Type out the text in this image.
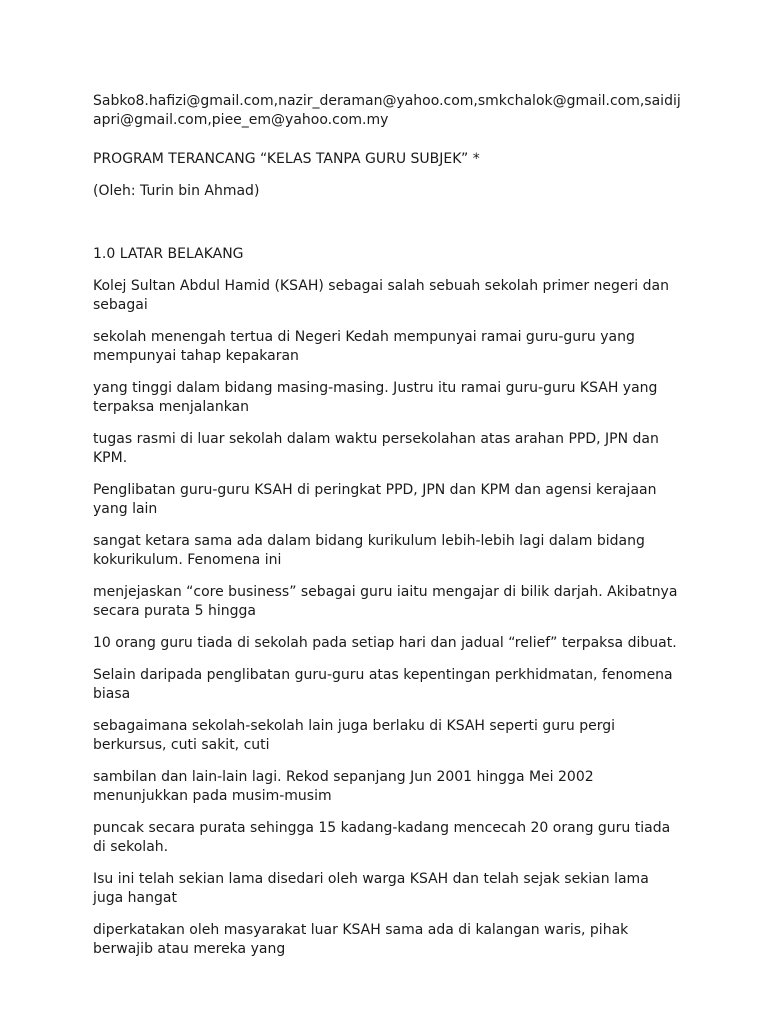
Sabko8.hafizi@gmail.com,nazir_deraman@yahoo.com,smkchalok@gmail.com,saidijapri@gmail.com,piee_em@yahoo.com.my

PROGRAM TERANCANG “KELAS TANPA GURU SUBJEK” *

(Oleh: Turin bin Ahmad)

1.0 LATAR BELAKANG

Kolej Sultan Abdul Hamid (KSAH) sebagai salah sebuah sekolah primer negeri dan sebagai

sekolah menengah tertua di Negeri Kedah mempunyai ramai guru-guru yang mempunyai tahap kepakaran

yang tinggi dalam bidang masing-masing. Justru itu ramai guru-guru KSAH yang terpaksa menjalankan

tugas rasmi di luar sekolah dalam waktu persekolahan atas arahan PPD, JPN dan KPM.

Penglibatan guru-guru KSAH di peringkat PPD, JPN dan KPM dan agensi kerajaan yang lain

sangat ketara sama ada dalam bidang kurikulum lebih-lebih lagi dalam bidang kokurikulum. Fenomena ini

menjejaskan “core business” sebagai guru iaitu mengajar di bilik darjah. Akibatnya secara purata 5 hingga

10 orang guru tiada di sekolah pada setiap hari dan jadual “relief” terpaksa dibuat.

Selain daripada penglibatan guru-guru atas kepentingan perkhidmatan, fenomena biasa

sebagaimana sekolah-sekolah lain juga berlaku di KSAH seperti guru pergi berkursus, cuti sakit, cuti

sambilan dan lain-lain lagi. Rekod sepanjang Jun 2001 hingga Mei 2002 menunjukkan pada musim-musim

puncak secara purata sehingga 15 kadang-kadang mencecah 20 orang guru tiada di sekolah.

Isu ini telah sekian lama disedari oleh warga KSAH dan telah sejak sekian lama juga hangat

diperkatakan oleh masyarakat luar KSAH sama ada di kalangan waris, pihak berwajib atau mereka yang
